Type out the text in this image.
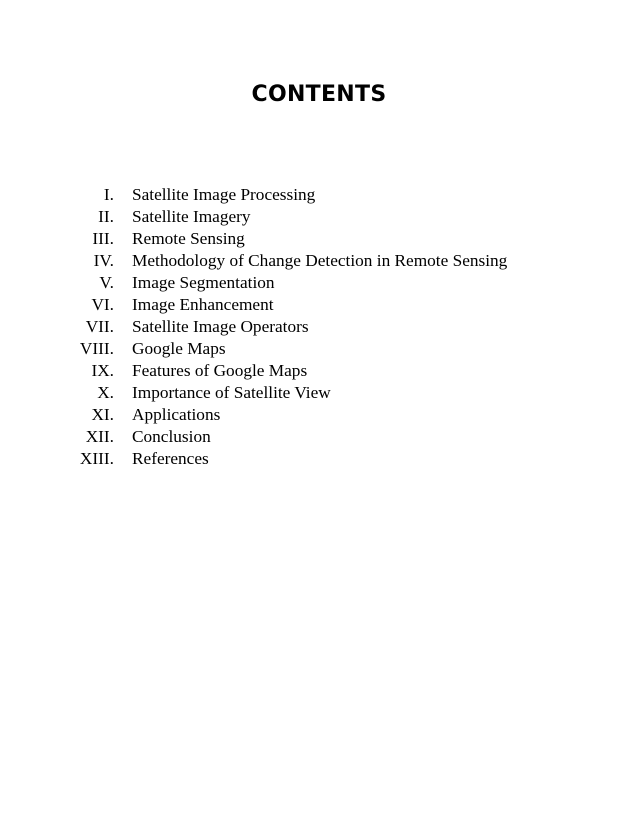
CONTENTS
I. Satellite Image Processing
II. Satellite Imagery
III. Remote Sensing
IV. Methodology of Change Detection in Remote Sensing
V. Image Segmentation
VI. Image Enhancement
VII. Satellite Image Operators
VIII. Google Maps
IX. Features of Google Maps
X. Importance of Satellite View
XI. Applications
XII. Conclusion
XIII. References
